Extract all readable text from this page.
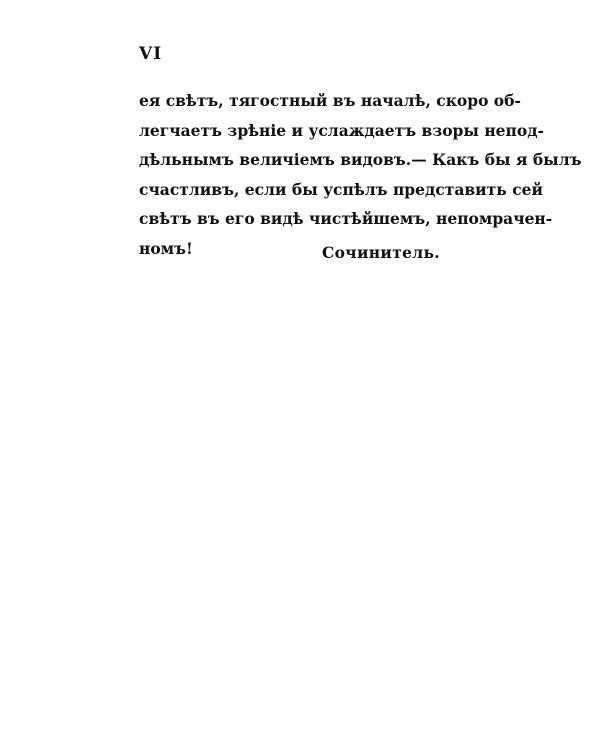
VI

ея свѣтъ, тягостный въ началѣ, скоро об-
легчаетъ зрѣніе и услаждаетъ взоры непод-
дѣльнымъ величіемъ видовъ.— Какъ бы я былъ
счастливъ, если бы успѣлъ представить сей
свѣтъ въ его видѣ чистѣйшемъ, непомрачен-
номъ!	Сочинитель.
